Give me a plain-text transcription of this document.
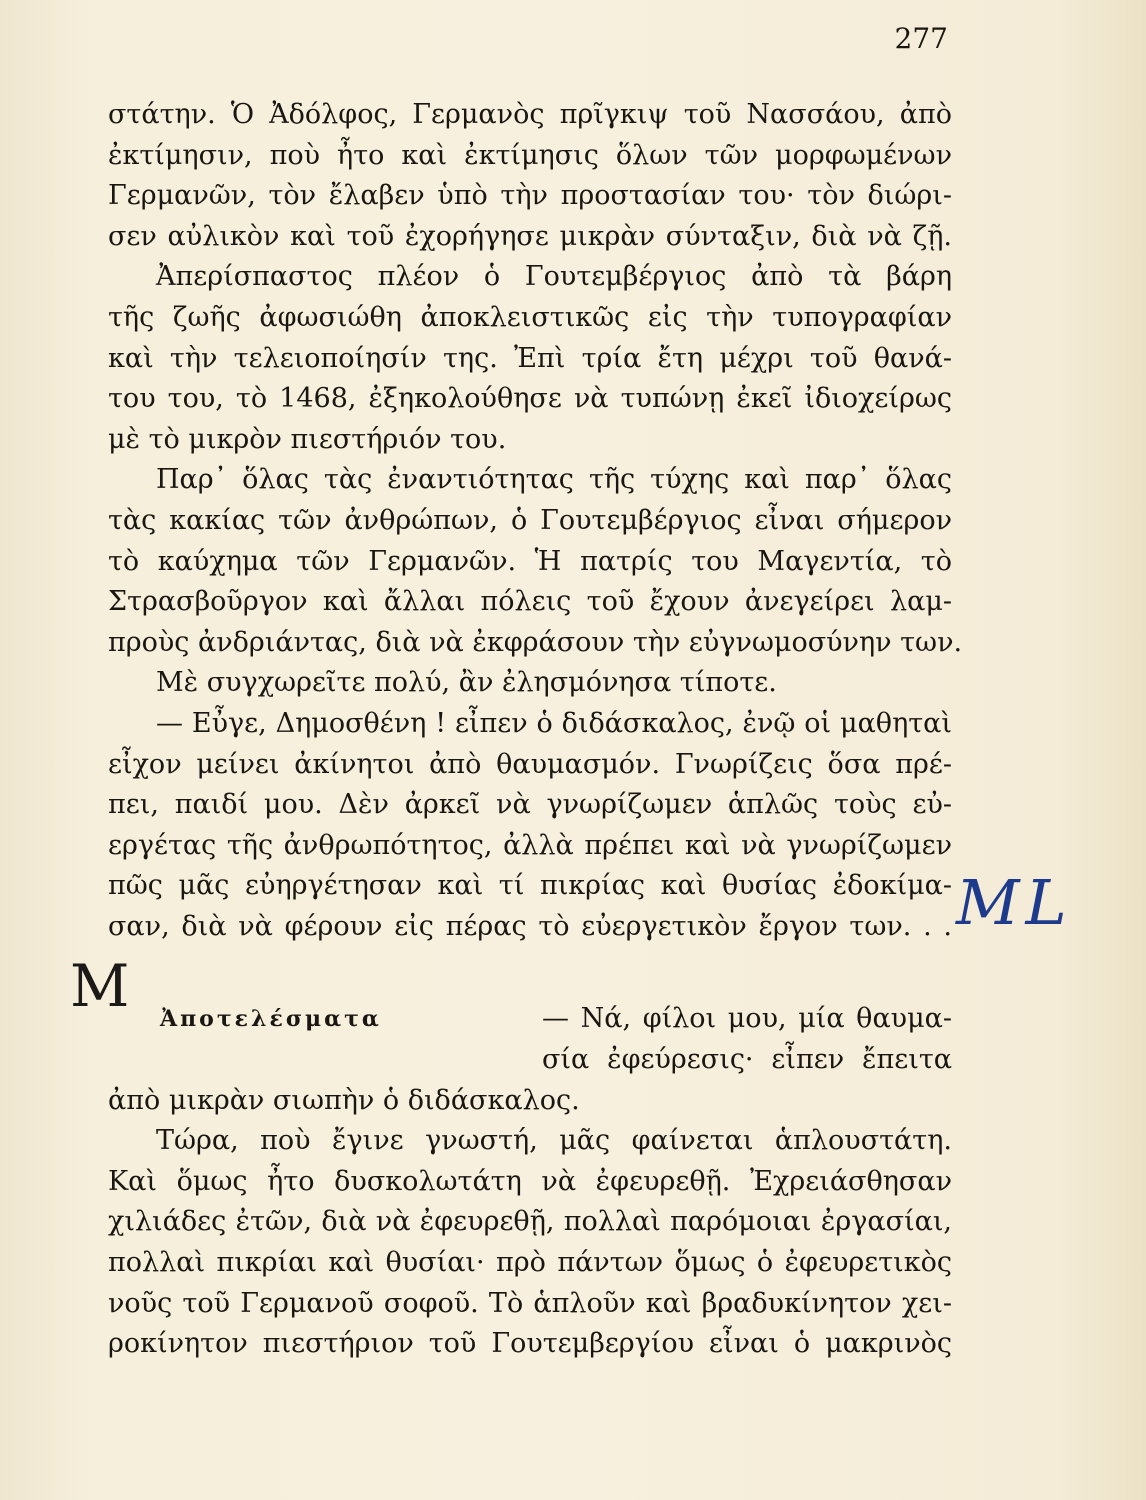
277
στάτην. Ὁ Ἀδόλφος, Γερμανὸς πρῖγκιψ τοῦ Νασσάου, ἀπὸ
ἐκτίμησιν, ποὺ ἦτο καὶ ἐκτίμησις ὅλων τῶν μορφωμένων
Γερμανῶν, τὸν ἔλαβεν ὑπὸ τὴν προστασίαν του· τὸν διώρι-
σεν αὐλικὸν καὶ τοῦ ἐχορήγησε μικρὰν σύνταξιν, διὰ νὰ ζῇ.
Ἀπερίσπαστος πλέον ὁ Γουτεμβέργιος ἀπὸ τὰ βάρη
τῆς ζωῆς ἀφωσιώθη ἀποκλειστικῶς εἰς τὴν τυπογραφίαν
καὶ τὴν τελειοποίησίν της. Ἐπὶ τρία ἔτη μέχρι τοῦ θανά-
του του, τὸ 1468, ἐξηκολούθησε νὰ τυπώνῃ ἐκεῖ ἰδιοχείρως
μὲ τὸ μικρὸν πιεστήριόν του.
Παρ᾿ ὅλας τὰς ἐναντιότητας τῆς τύχης καὶ παρ᾿ ὅλας
τὰς κακίας τῶν ἀνθρώπων, ὁ Γουτεμβέργιος εἶναι σήμερον
τὸ καύχημα τῶν Γερμανῶν. Ἡ πατρίς του Μαγεντία, τὸ
Στρασβοῦργον καὶ ἄλλαι πόλεις τοῦ ἔχουν ἀνεγείρει λαμ-
προὺς ἀνδριάντας, διὰ νὰ ἐκφράσουν τὴν εὐγνωμοσύνην των.
Μὲ συγχωρεῖτε πολύ, ἂν ἐλησμόνησα τίποτε.
— Εὖγε, Δημοσθένη ! εἶπεν ὁ διδάσκαλος, ἐνῷ οἱ μαθηταὶ
εἶχον μείνει ἀκίνητοι ἀπὸ θαυμασμόν. Γνωρίζεις ὅσα πρέ-
πει, παιδί μου. Δὲν ἀρκεῖ νὰ γνωρίζωμεν ἁπλῶς τοὺς εὐ-
εργέτας τῆς ἀνθρωπότητος, ἀλλὰ πρέπει καὶ νὰ γνωρίζωμεν
πῶς μᾶς εὐηργέτησαν καὶ τί πικρίας καὶ θυσίας ἐδοκίμα-
σαν, διὰ νὰ φέρουν εἰς πέρας τὸ εὐεργετικὸν ἔργον των. . .
Ἀποτελέσματα	— Νά, φίλοι μου, μία θαυμα-
σία ἐφεύρεσις· εἶπεν ἔπειτα
ἀπὸ μικρὰν σιωπὴν ὁ διδάσκαλος.
Τώρα, ποὺ ἔγινε γνωστή, μᾶς φαίνεται ἁπλουστάτη.
Καὶ ὅμως ἦτο δυσκολωτάτη νὰ ἐφευρεθῇ. Ἐχρειάσθησαν
χιλιάδες ἐτῶν, διὰ νὰ ἐφευρεθῇ, πολλαὶ παρόμοιαι ἐργασίαι,
πολλαὶ πικρίαι καὶ θυσίαι· πρὸ πάντων ὅμως ὁ ἐφευρετικὸς
νοῦς τοῦ Γερμανοῦ σοφοῦ. Τὸ ἁπλοῦν καὶ βραδυκίνητον χει-
ροκίνητον πιεστήριον τοῦ Γουτεμβεργίου εἶναι ὁ μακρινὸς
ML
M
